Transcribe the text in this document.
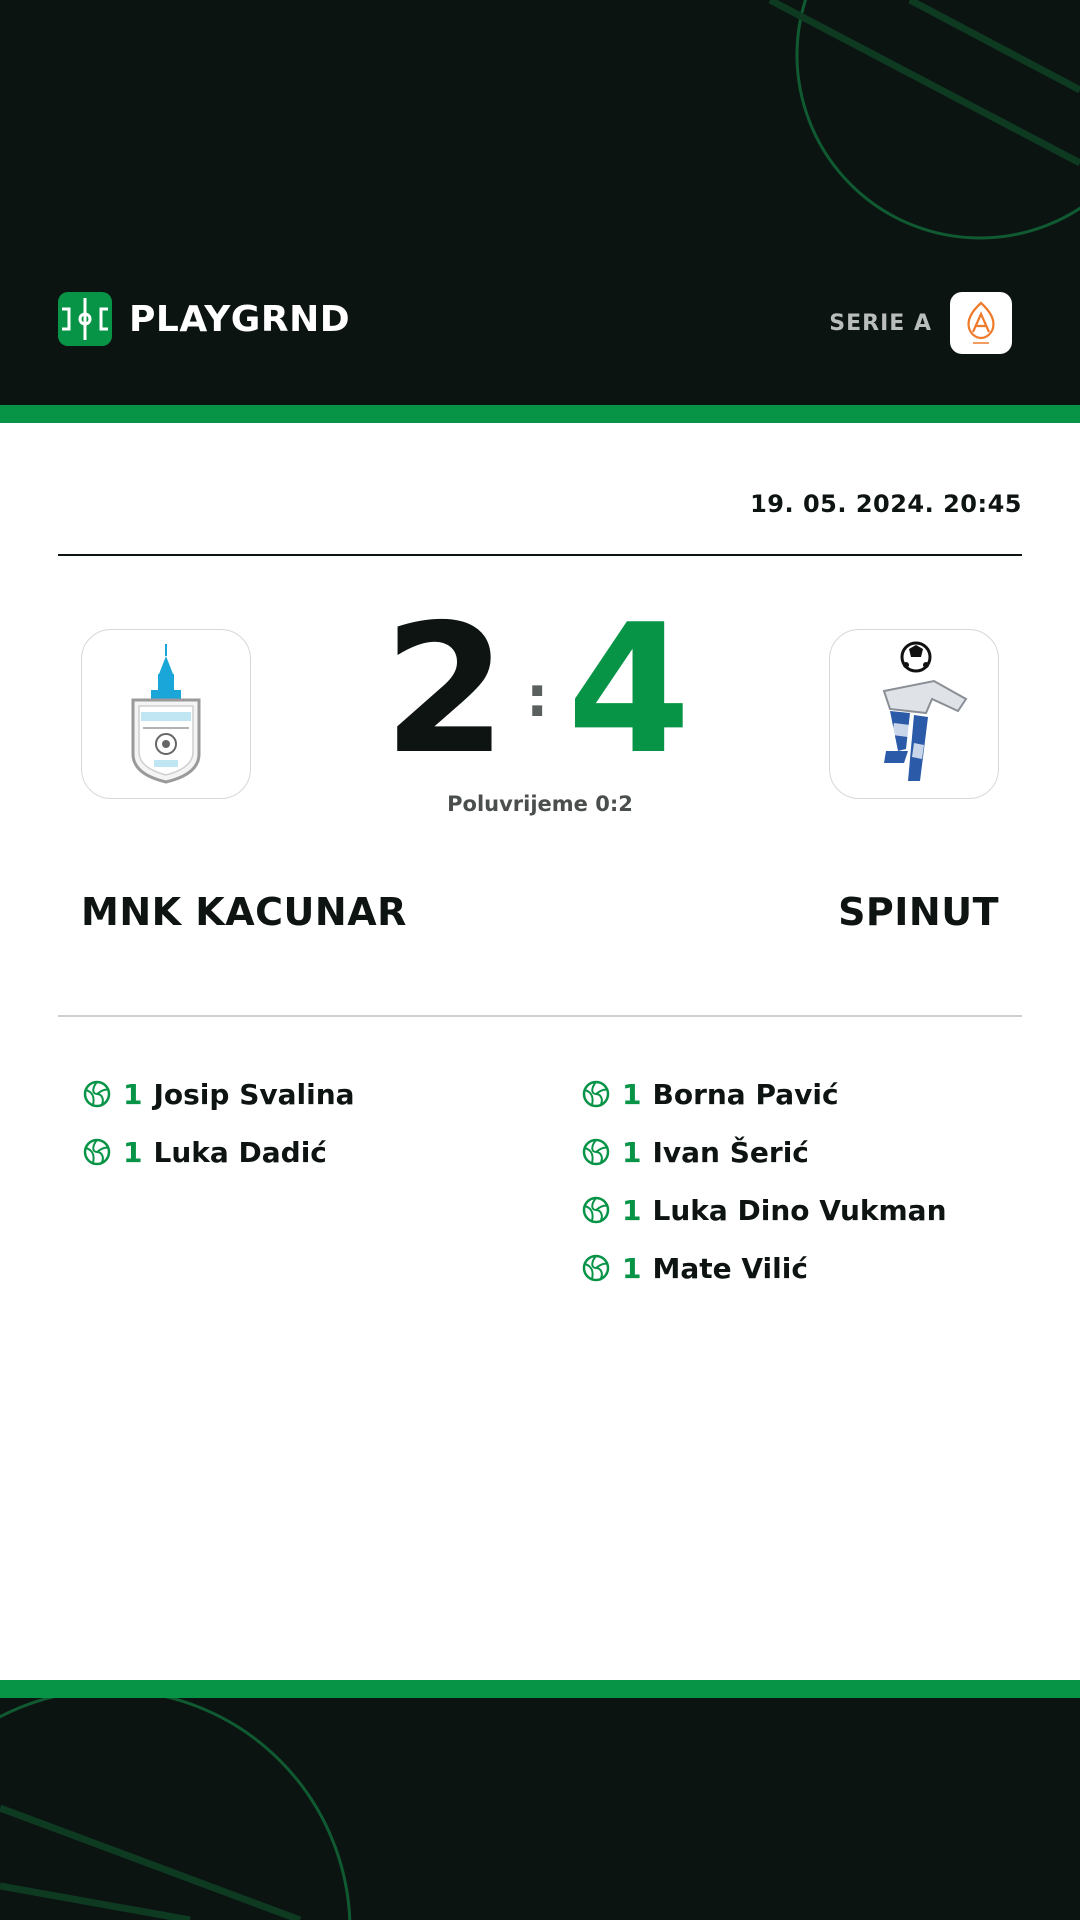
PLAYGRND	SERIE A
19. 05. 2024. 20:45
2 : 4
Poluvrijeme 0:2
MNK KACUNAR	SPINUT
1 Josip Svalina
1 Luka Dadić
1 Borna Pavić
1 Ivan Šerić
1 Luka Dino Vukman
1 Mate Vilić
